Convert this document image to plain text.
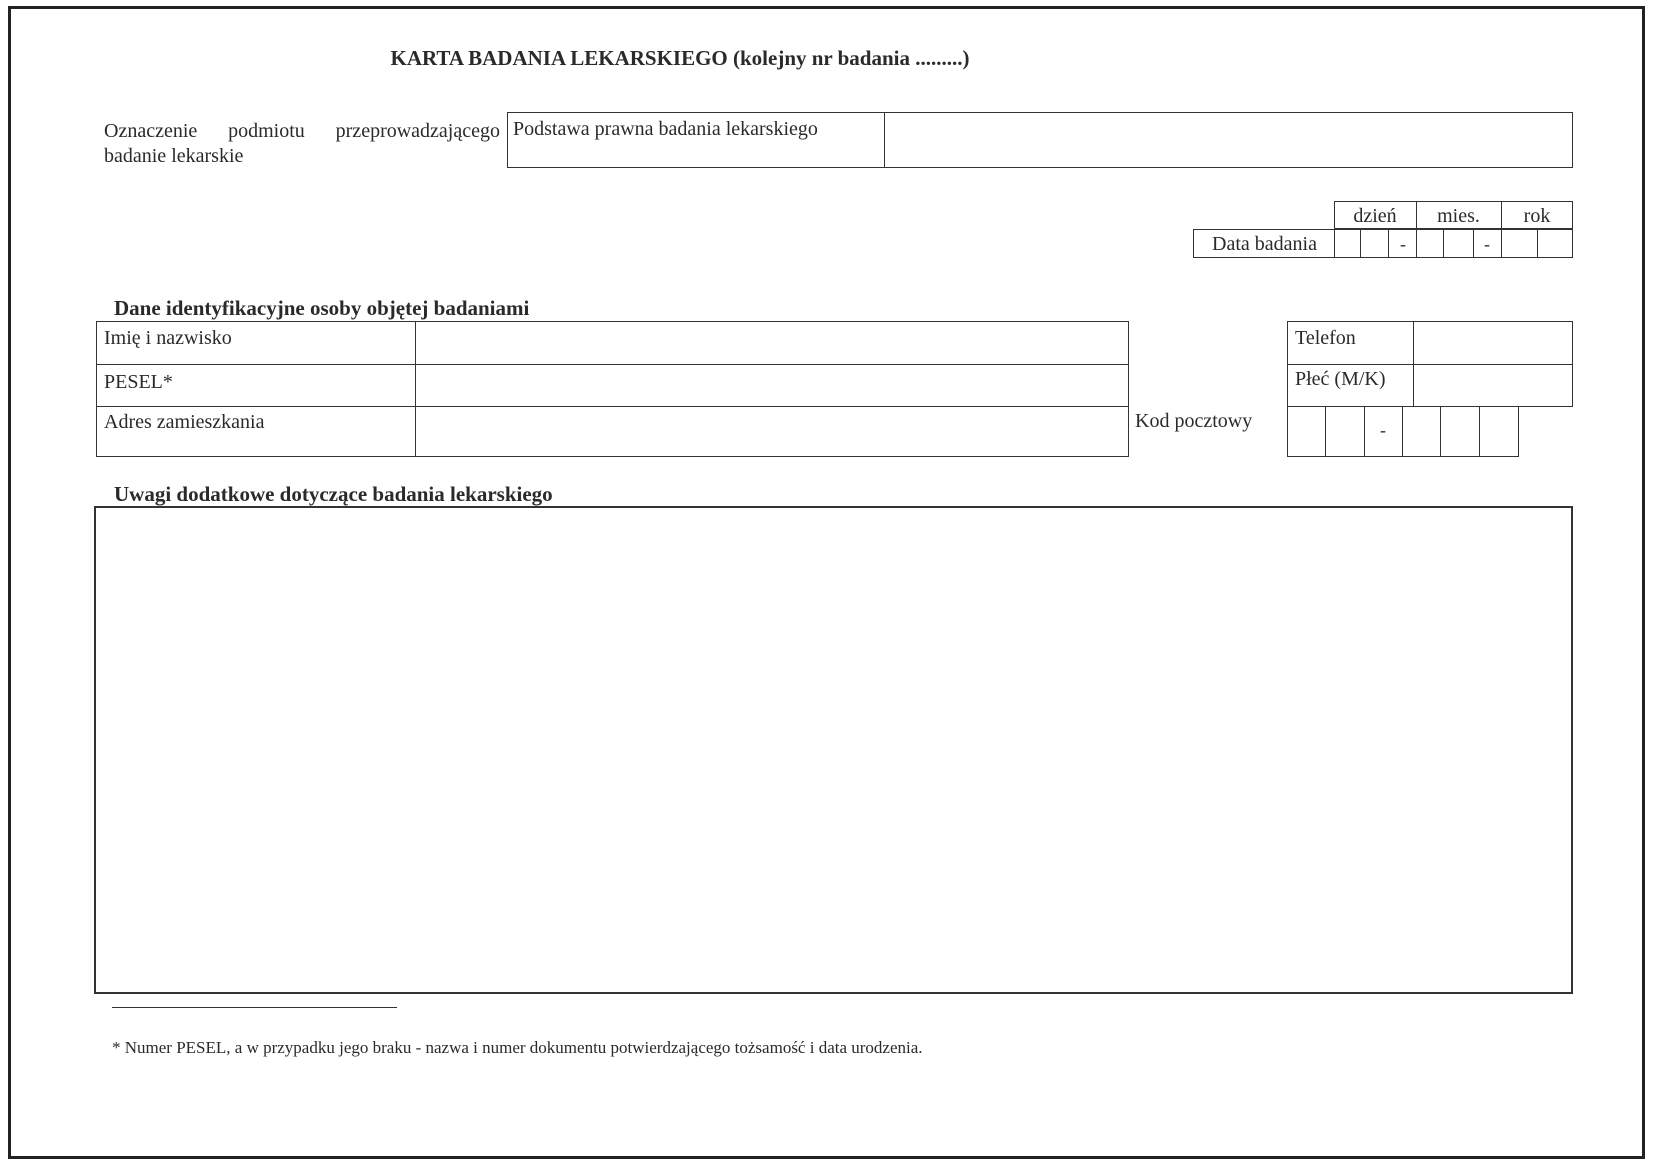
KARTA BADANIA LEKARSKIEGO (kolejny nr badania .........)
Oznaczenie podmiotu przeprowadzającego badanie lekarskie
Podstawa prawna badania lekarskiego
dzień	mies.	rok
Data badania	-	-
Dane identyfikacyjne osoby objętej badaniami
Imię i nazwisko
PESEL*
Adres zamieszkania	Kod pocztowy	-
Telefon
Płeć (M/K)
Uwagi dodatkowe dotyczące badania lekarskiego
* Numer PESEL, a w przypadku jego braku - nazwa i numer dokumentu potwierdzającego tożsamość i data urodzenia.
